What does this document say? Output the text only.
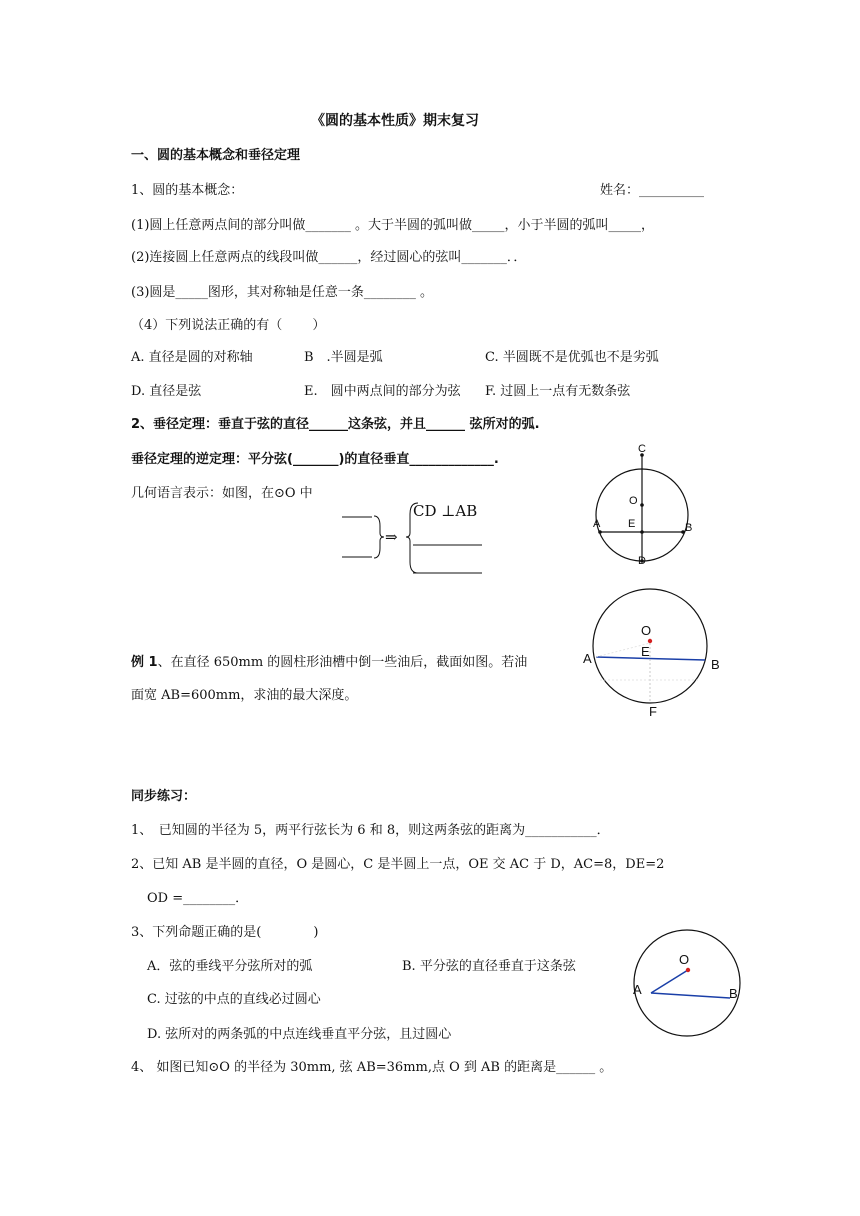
《圆的基本性质》期末复习
一、圆的基本概念和垂径定理
1、圆的基本概念：	姓名：__________
(1)圆上任意两点间的部分叫做_______ 。大于半圆的弧叫做_____，小于半圆的弧叫_____，
(2)连接圆上任意两点的线段叫做______，经过圆心的弦叫_______．．
(3)圆是_____图形，其对称轴是任意一条________ 。
（4）下列说法正确的有（　　 ）
A. 直径是圆的对称轴	B　.半圆是弧	C. 半圆既不是优弧也不是劣弧
D. 直径是弦	E.　圆中两点间的部分为弦 F. 过圆上一点有无数条弦
2、垂径定理：垂直于弦的直径______这条弦，并且______ 弦所对的弧.
垂径定理的逆定理：平分弦(_______)的直径垂直_____________.
几何语言表示：如图，在⊙O 中
⇒
CD ⊥AB
C
O
A	E	B
D
例 1、在直径 650mm 的圆柱形油槽中倒一些油后，截面如图。若油
面宽 AB=600mm，求油的最大深度。
O
E
A	B
F
同步练习：
1、　已知圆的半径为 5，两平行弦长为 6 和 8，则这两条弦的距离为___________．
2、已知 AB 是半圆的直径，O 是圆心，C 是半圆上一点，OE 交 AC 于 D，AC=8，DE=2
OD =________．
3、下列命题正确的是(　　　　)
A．弦的垂线平分弦所对的弧	B. 平分弦的直径垂直于这条弦
C. 过弦的中点的直线必过圆心
D. 弦所对的两条弧的中点连线垂直平分弦，且过圆心
4、 如图已知⊙O 的半径为 30mm, 弦 AB=36mm,点 O 到 AB 的距离是______ 。
O
A	B
